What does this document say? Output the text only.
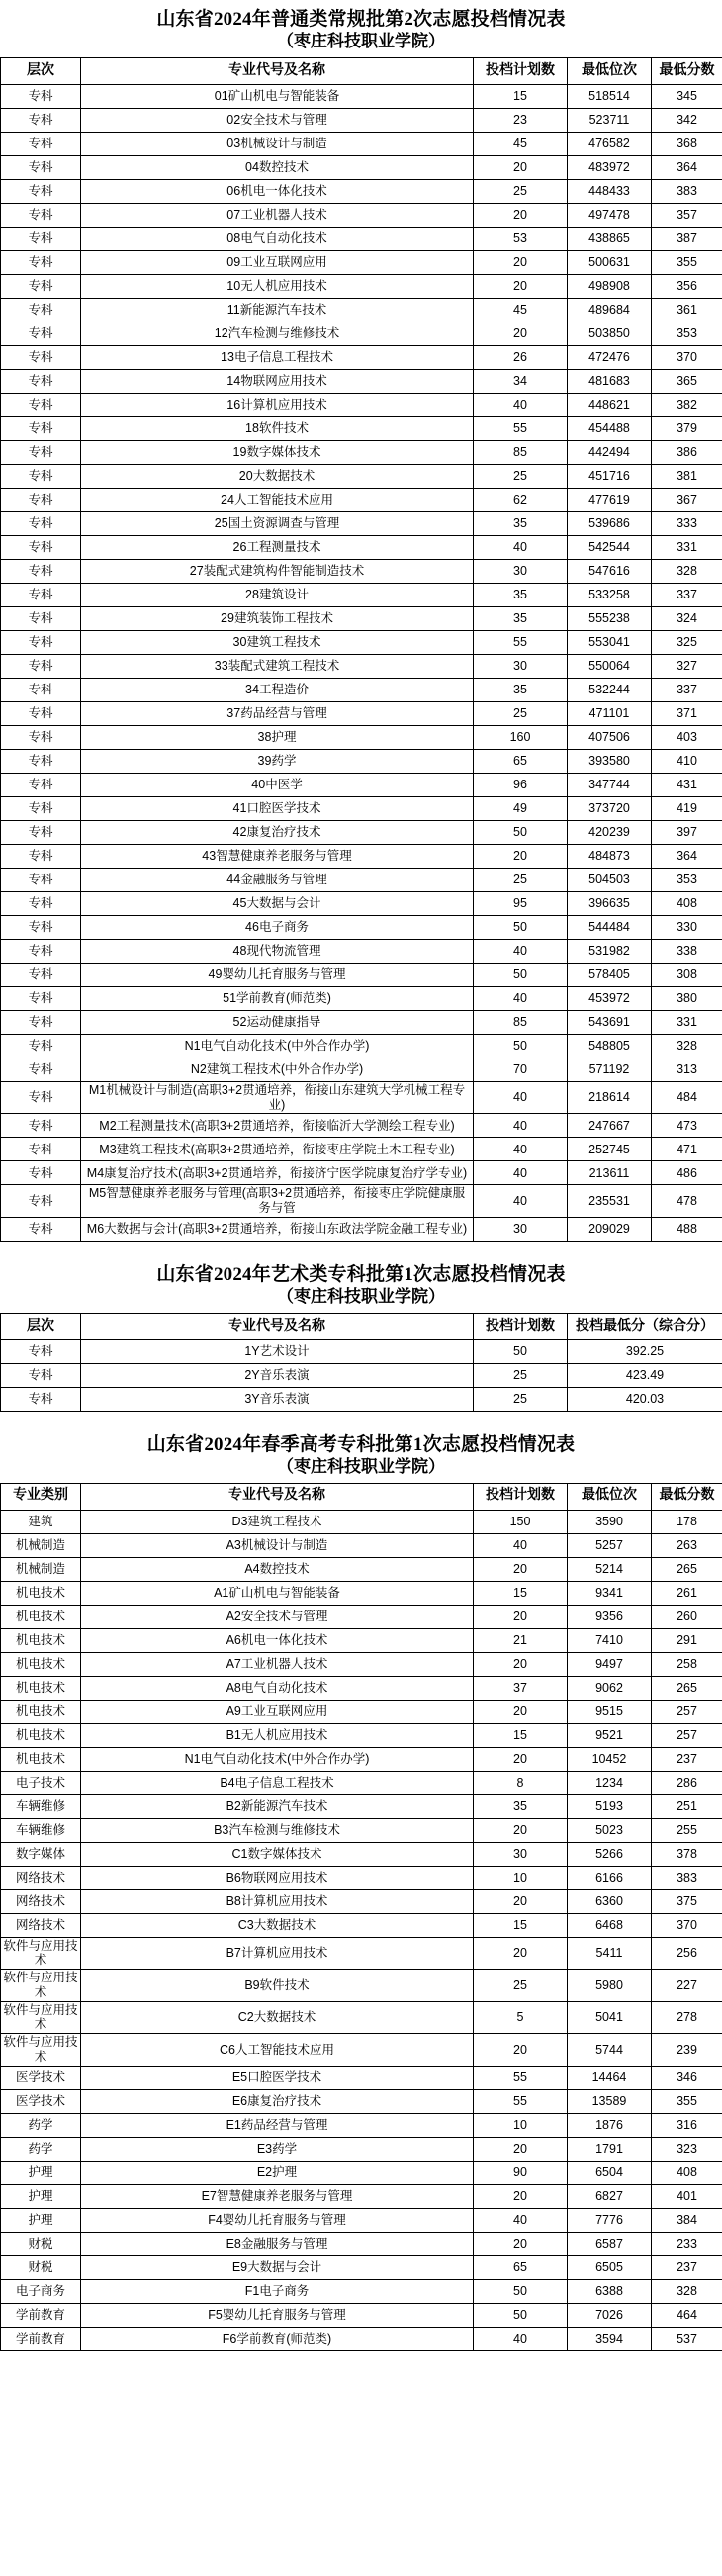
山东省2024年普通类常规批第2次志愿投档情况表
（枣庄科技职业学院）
层次	专业代号及名称	投档计划数	最低位次	最低分数
专科	01矿山机电与智能装备	15	518514	345
专科	02安全技术与管理	23	523711	342
专科	03机械设计与制造	45	476582	368
专科	04数控技术	20	483972	364
专科	06机电一体化技术	25	448433	383
专科	07工业机器人技术	20	497478	357
专科	08电气自动化技术	53	438865	387
专科	09工业互联网应用	20	500631	355
专科	10无人机应用技术	20	498908	356
专科	11新能源汽车技术	45	489684	361
专科	12汽车检测与维修技术	20	503850	353
专科	13电子信息工程技术	26	472476	370
专科	14物联网应用技术	34	481683	365
专科	16计算机应用技术	40	448621	382
专科	18软件技术	55	454488	379
专科	19数字媒体技术	85	442494	386
专科	20大数据技术	25	451716	381
专科	24人工智能技术应用	62	477619	367
专科	25国土资源调查与管理	35	539686	333
专科	26工程测量技术	40	542544	331
专科	27装配式建筑构件智能制造技术	30	547616	328
专科	28建筑设计	35	533258	337
专科	29建筑装饰工程技术	35	555238	324
专科	30建筑工程技术	55	553041	325
专科	33装配式建筑工程技术	30	550064	327
专科	34工程造价	35	532244	337
专科	37药品经营与管理	25	471101	371
专科	38护理	160	407506	403
专科	39药学	65	393580	410
专科	40中医学	96	347744	431
专科	41口腔医学技术	49	373720	419
专科	42康复治疗技术	50	420239	397
专科	43智慧健康养老服务与管理	20	484873	364
专科	44金融服务与管理	25	504503	353
专科	45大数据与会计	95	396635	408
专科	46电子商务	50	544484	330
专科	48现代物流管理	40	531982	338
专科	49婴幼儿托育服务与管理	50	578405	308
专科	51学前教育(师范类)	40	453972	380
专科	52运动健康指导	85	543691	331
专科	N1电气自动化技术(中外合作办学)	50	548805	328
专科	N2建筑工程技术(中外合作办学)	70	571192	313
专科	M1机械设计与制造(高职3+2贯通培养，衔接山东建筑大学机械工程专业)	40	218614	484
专科	M2工程测量技术(高职3+2贯通培养，衔接临沂大学测绘工程专业)	40	247667	473
专科	M3建筑工程技术(高职3+2贯通培养，衔接枣庄学院土木工程专业)	40	252745	471
专科	M4康复治疗技术(高职3+2贯通培养，衔接济宁医学院康复治疗学专业)	40	213611	486
专科	M5智慧健康养老服务与管理(高职3+2贯通培养，衔接枣庄学院健康服务与管	40	235531	478
专科	M6大数据与会计(高职3+2贯通培养，衔接山东政法学院金融工程专业)	30	209029	488
山东省2024年艺术类专科批第1次志愿投档情况表
（枣庄科技职业学院）
层次	专业代号及名称	投档计划数	投档最低分（综合分）
专科	1Y艺术设计	50	392.25
专科	2Y音乐表演	25	423.49
专科	3Y音乐表演	25	420.03
山东省2024年春季高考专科批第1次志愿投档情况表
（枣庄科技职业学院）
专业类别	专业代号及名称	投档计划数	最低位次	最低分数
建筑	D3建筑工程技术	150	3590	178
机械制造	A3机械设计与制造	40	5257	263
机械制造	A4数控技术	20	5214	265
机电技术	A1矿山机电与智能装备	15	9341	261
机电技术	A2安全技术与管理	20	9356	260
机电技术	A6机电一体化技术	21	7410	291
机电技术	A7工业机器人技术	20	9497	258
机电技术	A8电气自动化技术	37	9062	265
机电技术	A9工业互联网应用	20	9515	257
机电技术	B1无人机应用技术	15	9521	257
机电技术	N1电气自动化技术(中外合作办学)	20	10452	237
电子技术	B4电子信息工程技术	8	1234	286
车辆维修	B2新能源汽车技术	35	5193	251
车辆维修	B3汽车检测与维修技术	20	5023	255
数字媒体	C1数字媒体技术	30	5266	378
网络技术	B6物联网应用技术	10	6166	383
网络技术	B8计算机应用技术	20	6360	375
网络技术	C3大数据技术	15	6468	370
软件与应用技术	B7计算机应用技术	20	5411	256
软件与应用技术	B9软件技术	25	5980	227
软件与应用技术	C2大数据技术	5	5041	278
软件与应用技术	C6人工智能技术应用	20	5744	239
医学技术	E5口腔医学技术	55	14464	346
医学技术	E6康复治疗技术	55	13589	355
药学	E1药品经营与管理	10	1876	316
药学	E3药学	20	1791	323
护理	E2护理	90	6504	408
护理	E7智慧健康养老服务与管理	20	6827	401
护理	F4婴幼儿托育服务与管理	40	7776	384
财税	E8金融服务与管理	20	6587	233
财税	E9大数据与会计	65	6505	237
电子商务	F1电子商务	50	6388	328
学前教育	F5婴幼儿托育服务与管理	50	7026	464
学前教育	F6学前教育(师范类)	40	3594	537
